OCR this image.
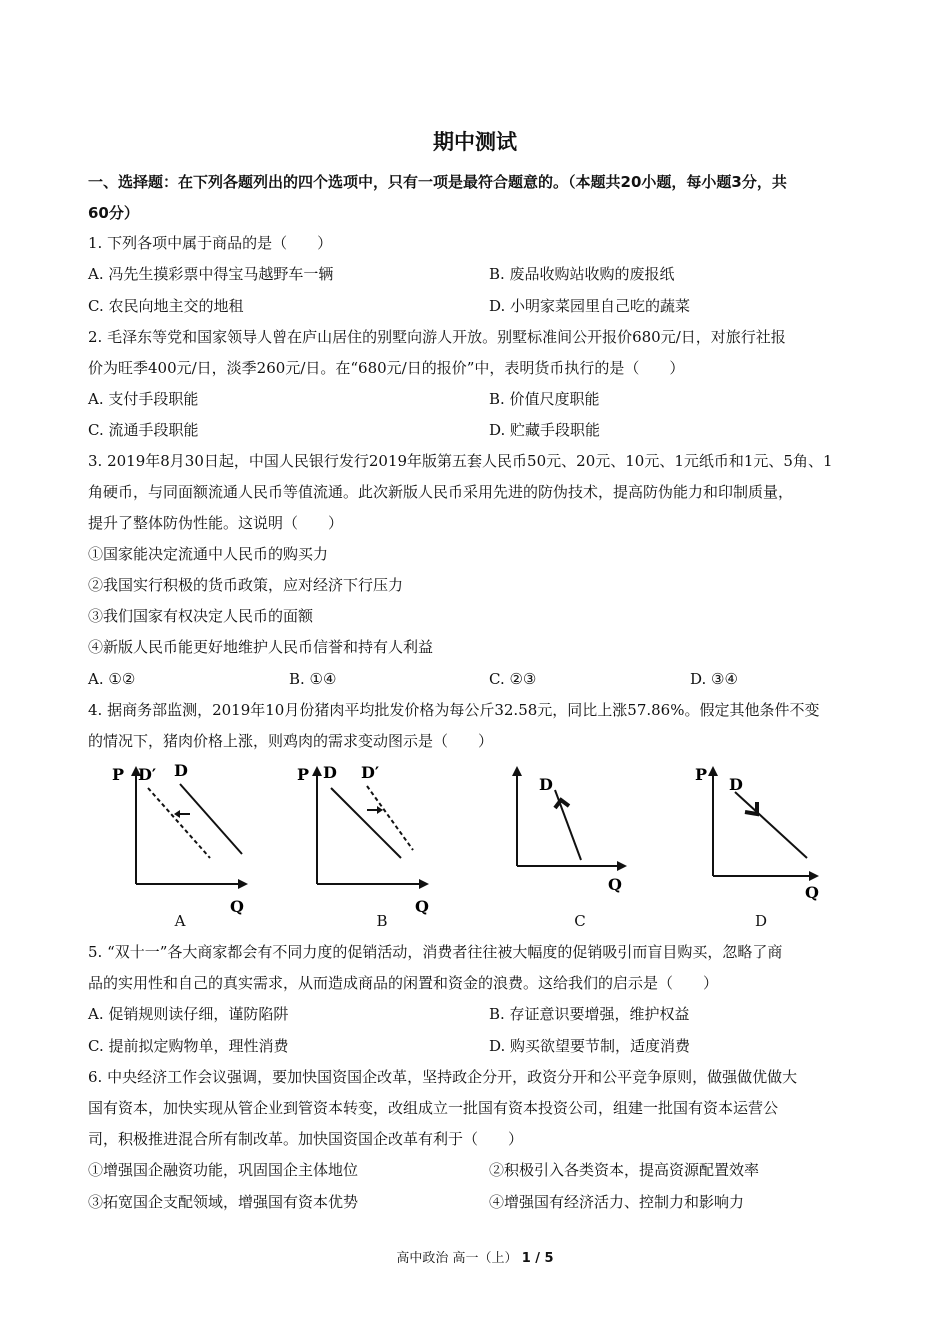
期中测试
一、选择题：在下列各题列出的四个选项中，只有一项是最符合题意的。（本题共20小题，每小题3分，共
60分）
1. 下列各项中属于商品的是（　　）
A. 冯先生摸彩票中得宝马越野车一辆	B. 废品收购站收购的废报纸
C. 农民向地主交的地租	D. 小明家菜园里自己吃的蔬菜
2. 毛泽东等党和国家领导人曾在庐山居住的别墅向游人开放。别墅标准间公开报价680元/日，对旅行社报
价为旺季400元/日，淡季260元/日。在“680元/日的报价”中，表明货币执行的是（　　）
A. 支付手段职能	B. 价值尺度职能
C. 流通手段职能	D. 贮藏手段职能
3. 2019年8月30日起，中国人民银行发行2019年版第五套人民币50元、20元、10元、1元纸币和1元、5角、1
角硬币，与同面额流通人民币等值流通。此次新版人民币采用先进的防伪技术，提高防伪能力和印制质量，
提升了整体防伪性能。这说明（　　）
①国家能决定流通中人民币的购买力
②我国实行积极的货币政策，应对经济下行压力
③我们国家有权决定人民币的面额
④新版人民币能更好地维护人民币信誉和持有人利益
A. ①②	B. ①④	C. ②③	D. ③④
4. 据商务部监测，2019年10月份猪肉平均批发价格为每公斤32.58元，同比上涨57.86%。假定其他条件不变
的情况下，猪肉价格上涨，则鸡肉的需求变动图示是（　　）
P
Q
D′ D	P
Q
D D′
Q
P D
P
Q
D
A	B	C	D
5. “双十一”各大商家都会有不同力度的促销活动，消费者往往被大幅度的促销吸引而盲目购买，忽略了商
品的实用性和自己的真实需求，从而造成商品的闲置和资金的浪费。这给我们的启示是（　　）
A. 促销规则读仔细，谨防陷阱	B. 存证意识要增强，维护权益
C. 提前拟定购物单，理性消费	D. 购买欲望要节制，适度消费
6. 中央经济工作会议强调，要加快国资国企改革，坚持政企分开，政资分开和公平竞争原则，做强做优做大
国有资本，加快实现从管企业到管资本转变，改组成立一批国有资本投资公司，组建一批国有资本运营公
司，积极推进混合所有制改革。加快国资国企改革有利于（　　）
①增强国企融资功能，巩固国企主体地位	②积极引入各类资本，提高资源配置效率
③拓宽国企支配领域，增强国有资本优势	④增强国有经济活力、控制力和影响力
高中政治 高一（上） 1 / 5
